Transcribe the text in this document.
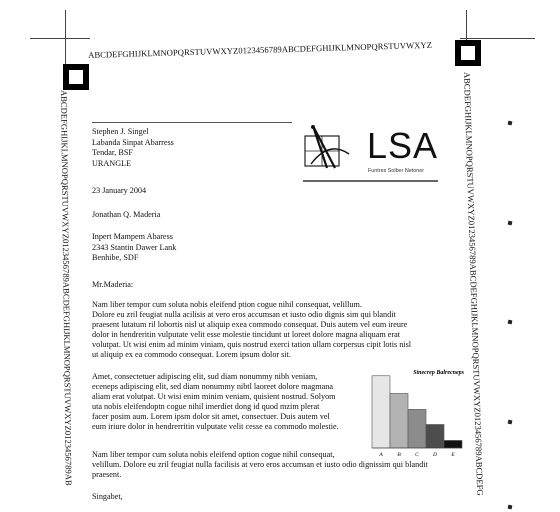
ABCDEFGHIJKLMNOPQRSTUVWXYZ0123456789ABCDEFGHIJKLMNOPQRSTUVWXYZ
ABCDEFGHIJKLMNOPQRSTUVWXYZ0123456789ABCDEFGHIJKLMNOPQRSTUVWXYZ0123456789AB	ABCDEFGHIJKLMNOPQRSTUVWXYZ0123456789ABCDEFGHIJKLMNOPQRSTUVWXYZ0123456789ABCDEFG
LSA
Funtres Solber Netoner
Stephen J. Singel
Labanda Sinpat Abarress
Tendar, BSF
URANGLE
23 January 2004
Jonathan Q. Maderia
Inpert Mampem Abaress
2343 Stantin Dawer Lank
Benhibe, SDF
Mr.Maderia:

Nam liber tempor cum soluta nobis eleifend ption cogue nihil consequat, velillum.

Dolore eu zril feugiat nulla acilisis at vero eros accumsan et iusto odio dignis sim qui blandit

praesent lutatum ril lobortis nisl ut aliquip exea commodo consequat. Duis autem vel eum ireure

dolor in hendreritin vulputate velit esse molestie tincidunt ut loreet dolore magna aliquam erat

volutpat. Ut wisi enim ad minim viniam, quis nostrud exerci tation ullam corpersus cipit lotis nisl

ut aliquip ex ea commodo consequat. Lorem ipsum dolor sit.

Amet, consectetuer adipiscing elit, sud diam nonummy nibh veniam,

eceneps adipiscing elit, sed diam nonummy nibtl laoreet dolore magmana

aliam erat volutpat. Ut wisi enim minim veniam, quisient nostrud. Solyom

uta nobis eleifendoptn cogue nihil imerdiet dong id quod mzim plerat

facer posim aum. Lorem ipsm dolor sit amet, consectuer. Duis autem vel

eum iriure dolor in hendrerritin vulputate velit cesse ea commodo molestie.

Nam liber tempor cum soluta nobis eleifend option cogue nihil consequat,

velillum. Dolore eu zril feugiat nulla facilisis at vero eros accumsan et iusto odio dignissim qui blandit

praesent.

Singabet,
A	B	C	D	E
Stnecrep Balrecneps
